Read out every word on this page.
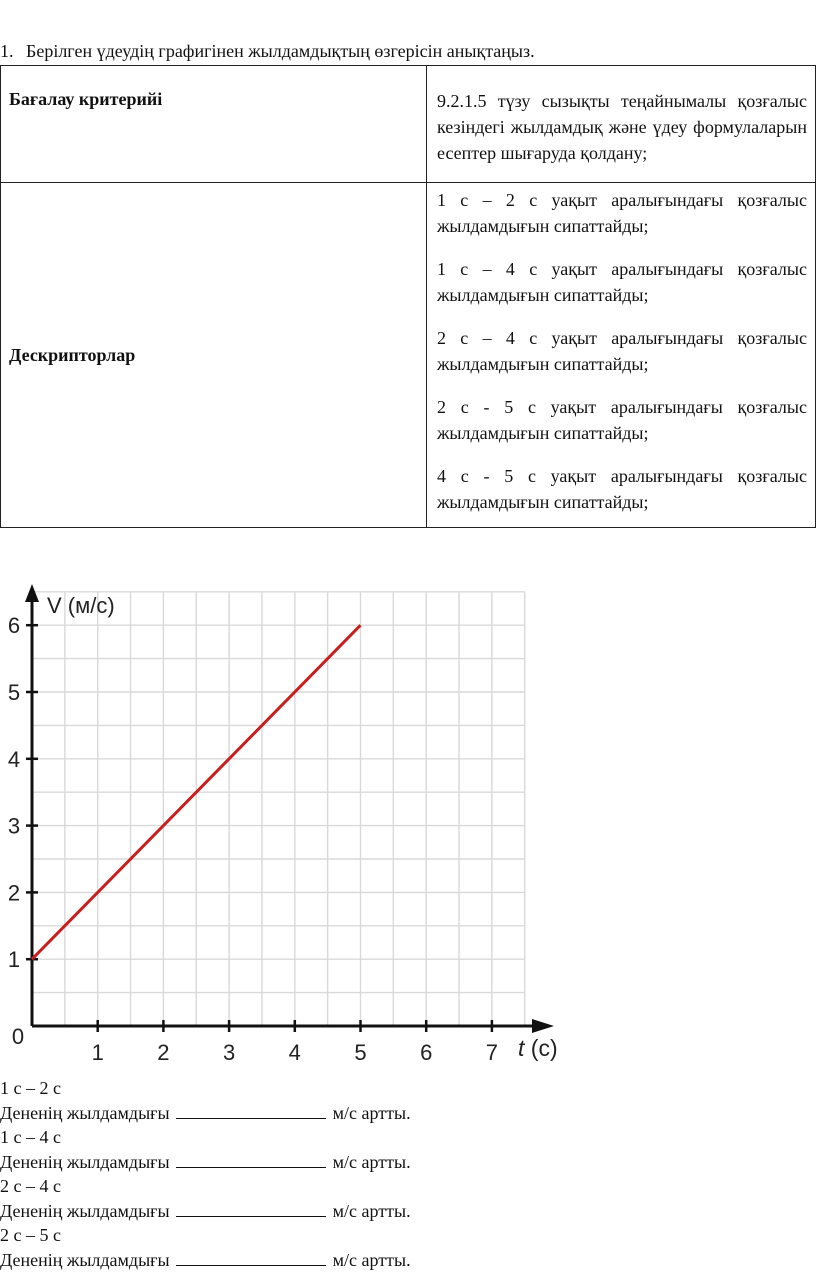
1. Берілген үдеудің графигінен жылдамдықтың өзгерісін анықтаңыз.
Бағалау критерийі	9.2.1.5 түзу сызықты теңайнымалы қозғалыс кезіндегі жылдамдық және үдеу формулаларын есептер шығаруда қолдану;
Дескрипторлар	1 с – 2 с уақыт аралығындағы қозғалыс жылдамдығын сипаттайды;
1 с – 4 с уақыт аралығындағы қозғалыс жылдамдығын сипаттайды;
2 с – 4 с уақыт аралығындағы қозғалыс жылдамдығын сипаттайды;
2 с - 5 с уақыт аралығындағы қозғалыс жылдамдығын сипаттайды;
4 с - 5 с уақыт аралығындағы қозғалыс жылдамдығын сипаттайды;
1 2 3 4 5 6 7
1
2
3
4
5
6
0
V (м/с)
t (с)
1 с – 2 с
Дененің жылдамдығы	м/с артты.
1 с – 4 с
Дененің жылдамдығы	м/с артты.
2 с – 4 с
Дененің жылдамдығы	м/с артты.
2 с – 5 с
Дененің жылдамдығы	м/с артты.
